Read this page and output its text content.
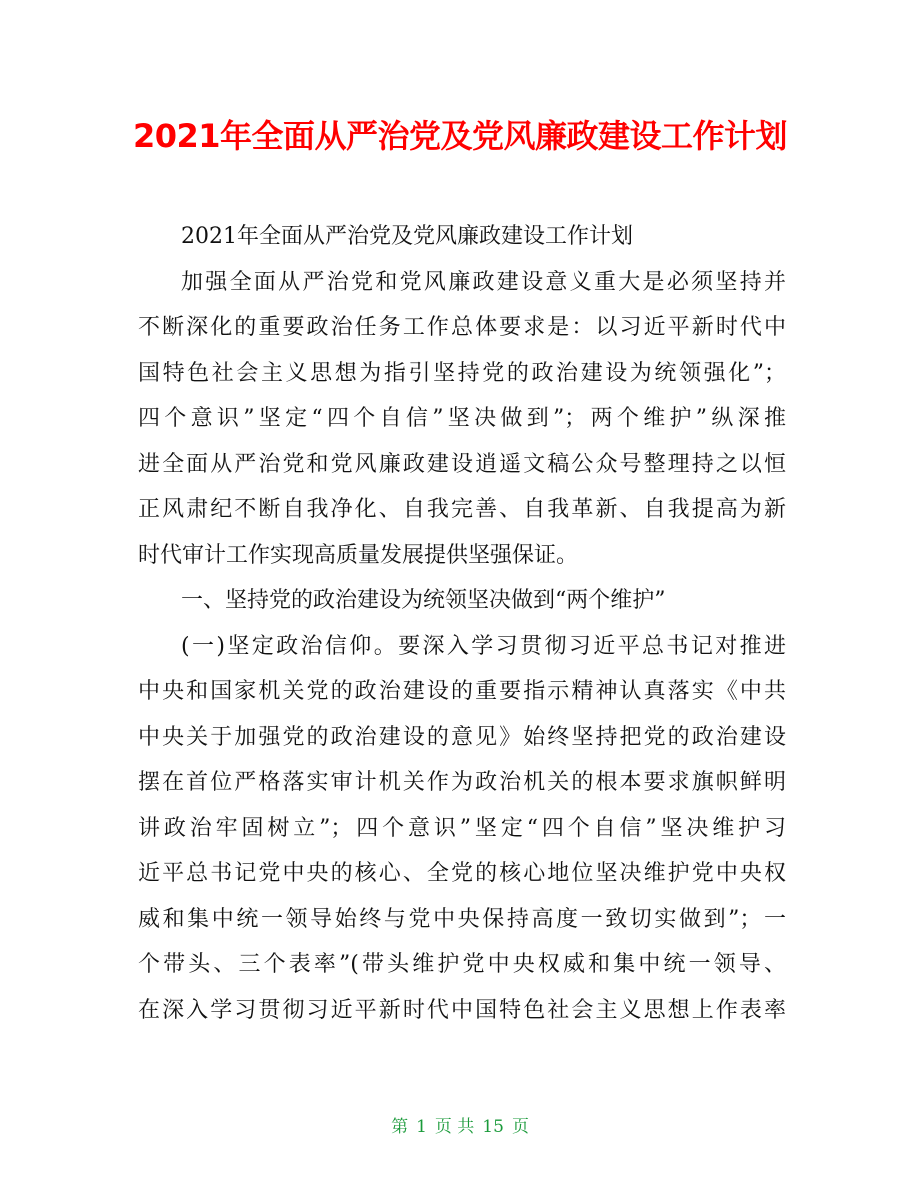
2021年全面从严治党及党风廉政建设工作计划
2021年全面从严治党及党风廉政建设工作计划
加强全面从严治党和党风廉政建设意义重大是必须坚持并
不断深化的重要政治任务工作总体要求是：以习近平新时代中
国特色社会主义思想为指引坚持党的政治建设为统领强化”；
四个意识”坚定“四个自信”坚决做到”；两个维护”纵深推
进全面从严治党和党风廉政建设逍遥文稿公众号整理持之以恒
正风肃纪不断自我净化、自我完善、自我革新、自我提高为新
时代审计工作实现高质量发展提供坚强保证。
一、坚持党的政治建设为统领坚决做到“两个维护”
(一)坚定政治信仰。要深入学习贯彻习近平总书记对推进
中央和国家机关党的政治建设的重要指示精神认真落实《中共
中央关于加强党的政治建设的意见》始终坚持把党的政治建设
摆在首位严格落实审计机关作为政治机关的根本要求旗帜鲜明
讲政治牢固树立”；四个意识”坚定“四个自信”坚决维护习
近平总书记党中央的核心、全党的核心地位坚决维护党中央权
威和集中统一领导始终与党中央保持高度一致切实做到”；一
个带头、三个表率”(带头维护党中央权威和集中统一领导、
在深入学习贯彻习近平新时代中国特色社会主义思想上作表率
第 1 页 共 15 页
